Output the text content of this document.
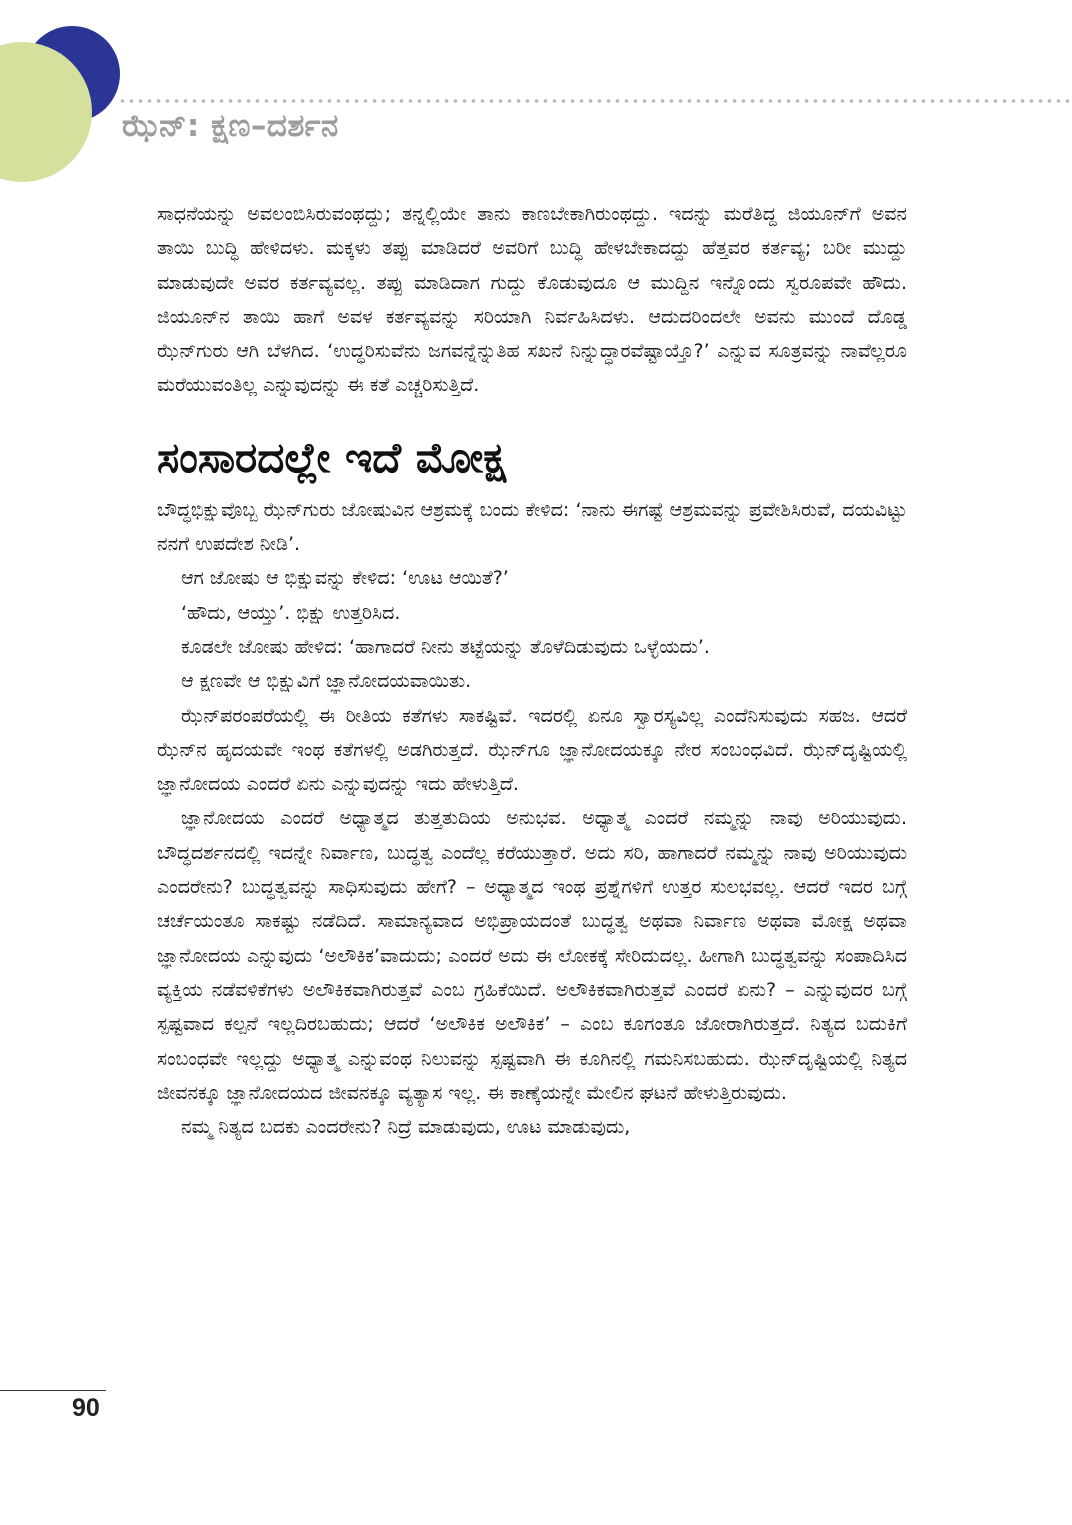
ಝೆನ್‌: ಕ್ಷಣ–ದರ್ಶನ

ಸಾಧನೆಯನ್ನು ಅವಲಂಬಿಸಿರುವಂಥದ್ದು; ತನ್ನಲ್ಲಿಯೇ ತಾನು ಕಾಣಬೇಕಾಗಿರುಂಥದ್ದು. ಇದನ್ನು ಮರೆತಿದ್ದ ಜಿಯೂನ್‌ಗೆ ಅವನ ತಾಯಿ ಬುದ್ಧಿ ಹೇಳಿದಳು. ಮಕ್ಕಳು ತಪ್ಪು ಮಾಡಿದರೆ ಅವರಿಗೆ ಬುದ್ಧಿ ಹೇಳಬೇಕಾದದ್ದು ಹೆತ್ತವರ ಕರ್ತವ್ಯ; ಬರೀ ಮುದ್ದು ಮಾಡುವುದೇ ಅವರ ಕರ್ತವ್ಯವಲ್ಲ. ತಪ್ಪು ಮಾಡಿದಾಗ ಗುದ್ದು ಕೊಡುವುದೂ ಆ ಮುದ್ದಿನ ಇನ್ನೊಂದು ಸ್ವರೂಪವೇ ಹೌದು. ಜಿಯೂನ್‌ನ ತಾಯಿ ಹಾಗೆ ಅವಳ ಕರ್ತವ್ಯವನ್ನು ಸರಿಯಾಗಿ ನಿರ್ವಹಿಸಿದಳು. ಆದುದರಿಂದಲೇ ಅವನು ಮುಂದೆ ದೊಡ್ಡ ಝೆನ್‌ಗುರು ಆಗಿ ಬೆಳಗಿದ. ‘ಉದ್ಧರಿಸುವೆನು ಜಗವನ್ನೆನ್ನುತಿಹ ಸಖನೆ ನಿನ್ನುದ್ಧಾರವೆಷ್ಟಾಯ್ತೊ?’ ಎನ್ನುವ ಸೂತ್ರವನ್ನು ನಾವೆಲ್ಲರೂ ಮರೆಯುವಂತಿಲ್ಲ ಎನ್ನುವುದನ್ನು ಈ ಕತೆ ಎಚ್ಚರಿಸುತ್ತಿದೆ.

ಸಂಸಾರದಲ್ಲೇ ಇದೆ ಮೋಕ್ಷ

ಬೌದ್ಧಭಿಕ್ಷುವೊಬ್ಬ ಝೆನ್‌ಗುರು ಜೋಷುವಿನ ಆಶ್ರಮಕ್ಕೆ ಬಂದು ಕೇಳಿದ: ‘ನಾನು ಈಗಷ್ಟೆ ಆಶ್ರಮವನ್ನು ಪ್ರವೇಶಿಸಿರುವೆ, ದಯವಿಟ್ಟು ನನಗೆ ಉಪದೇಶ ನೀಡಿ’.

ಆಗ ಜೋಷು ಆ ಭಿಕ್ಷುವನ್ನು ಕೇಳಿದ: ‘ಊಟ ಆಯಿತೆ?’

‘ಹೌದು, ಆಯ್ತು’. ಭಿಕ್ಷು ಉತ್ತರಿಸಿದ.

ಕೂಡಲೇ ಜೋಷು ಹೇಳಿದ: ‘ಹಾಗಾದರೆ ನೀನು ತಟ್ಟೆಯನ್ನು ತೊಳೆದಿಡುವುದು ಒಳ್ಳೆಯದು’.

ಆ ಕ್ಷಣವೇ ಆ ಭಿಕ್ಷುವಿಗೆ ಜ್ಞಾನೋದಯವಾಯಿತು.

ಝೆನ್‌ಪರಂಪರೆಯಲ್ಲಿ ಈ ರೀತಿಯ ಕತೆಗಳು ಸಾಕಷ್ಟಿವೆ. ಇದರಲ್ಲಿ ಏನೂ ಸ್ವಾರಸ್ಯವಿಲ್ಲ ಎಂದೆನಿಸುವುದು ಸಹಜ. ಆದರೆ ಝೆನ್‌ನ ಹೃದಯವೇ ಇಂಥ ಕತೆಗಳಲ್ಲಿ ಅಡಗಿರುತ್ತದೆ. ಝೆನ್‌ಗೂ ಜ್ಞಾನೋದಯಕ್ಕೂ ನೇರ ಸಂಬಂಧವಿದೆ. ಝೆನ್‌ದೃಷ್ಟಿಯಲ್ಲಿ ಜ್ಞಾನೋದಯ ಎಂದರೆ ಏನು ಎನ್ನುವುದನ್ನು ಇದು ಹೇಳುತ್ತಿದೆ.

ಜ್ಞಾನೋದಯ ಎಂದರೆ ಅಧ್ಯಾತ್ಮದ ತುತ್ತತುದಿಯ ಅನುಭವ. ಅಧ್ಯಾತ್ಮ ಎಂದರೆ ನಮ್ಮನ್ನು ನಾವು ಅರಿಯುವುದು. ಬೌದ್ಧದರ್ಶನದಲ್ಲಿ ಇದನ್ನೇ ನಿರ್ವಾಣ, ಬುದ್ಧತ್ವ ಎಂದೆಲ್ಲ ಕರೆಯುತ್ತಾರೆ. ಅದು ಸರಿ, ಹಾಗಾದರೆ ನಮ್ಮನ್ನು ನಾವು ಅರಿಯುವುದು ಎಂದರೇನು? ಬುದ್ಧತ್ವವನ್ನು ಸಾಧಿಸುವುದು ಹೇಗೆ? – ಅಧ್ಯಾತ್ಮದ ಇಂಥ ಪ್ರಶ್ನೆಗಳಿಗೆ ಉತ್ತರ ಸುಲಭವಲ್ಲ. ಆದರೆ ಇದರ ಬಗ್ಗೆ ಚರ್ಚೆಯಂತೂ ಸಾಕಷ್ಟು ನಡೆದಿದೆ. ಸಾಮಾನ್ಯವಾದ ಅಭಿಪ್ರಾಯದಂತೆ ಬುದ್ಧತ್ವ ಅಥವಾ ನಿರ್ವಾಣ ಅಥವಾ ಮೋಕ್ಷ ಅಥವಾ ಜ್ಞಾನೋದಯ ಎನ್ನುವುದು ‘ಅಲೌಕಿಕ’ವಾದುದು; ಎಂದರೆ ಅದು ಈ ಲೋಕಕ್ಕೆ ಸೇರಿದುದಲ್ಲ. ಹೀಗಾಗಿ ಬುದ್ಧತ್ವವನ್ನು ಸಂಪಾದಿಸಿದ ವ್ಯಕ್ತಿಯ ನಡೆವಳಿಕೆಗಳು ಅಲೌಕಿಕವಾಗಿರುತ್ತವೆ ಎಂಬ ಗ್ರಹಿಕೆಯಿದೆ. ಅಲೌಕಿಕವಾಗಿರುತ್ತವೆ ಎಂದರೆ ಏನು? – ಎನ್ನುವುದರ ಬಗ್ಗೆ ಸ್ಪಷ್ಟವಾದ ಕಲ್ಪನೆ ಇಲ್ಲದಿರಬಹುದು; ಆದರೆ ‘ಅಲೌಕಿಕ ಅಲೌಕಿಕ’ – ಎಂಬ ಕೂಗಂತೂ ಜೋರಾಗಿರುತ್ತದೆ. ನಿತ್ಯದ ಬದುಕಿಗೆ ಸಂಬಂಧವೇ ಇಲ್ಲದ್ದು ಅಧ್ಯಾತ್ಮ ಎನ್ನುವಂಥ ನಿಲುವನ್ನು ಸ್ಪಷ್ಟವಾಗಿ ಈ ಕೂಗಿನಲ್ಲಿ ಗಮನಿಸಬಹುದು. ಝೆನ್‌ದೃಷ್ಟಿಯಲ್ಲಿ ನಿತ್ಯದ ಜೀವನಕ್ಕೂ ಜ್ಞಾನೋದಯದ ಜೀವನಕ್ಕೂ ವ್ಯತ್ಯಾಸ ಇಲ್ಲ. ಈ ಕಾಣ್ಕೆಯನ್ನೇ ಮೇಲಿನ ಘಟನೆ ಹೇಳುತ್ತಿರುವುದು.

ನಮ್ಮ ನಿತ್ಯದ ಬದಕು ಎಂದರೇನು? ನಿದ್ರೆ ಮಾಡುವುದು, ಊಟ ಮಾಡುವುದು,

90
